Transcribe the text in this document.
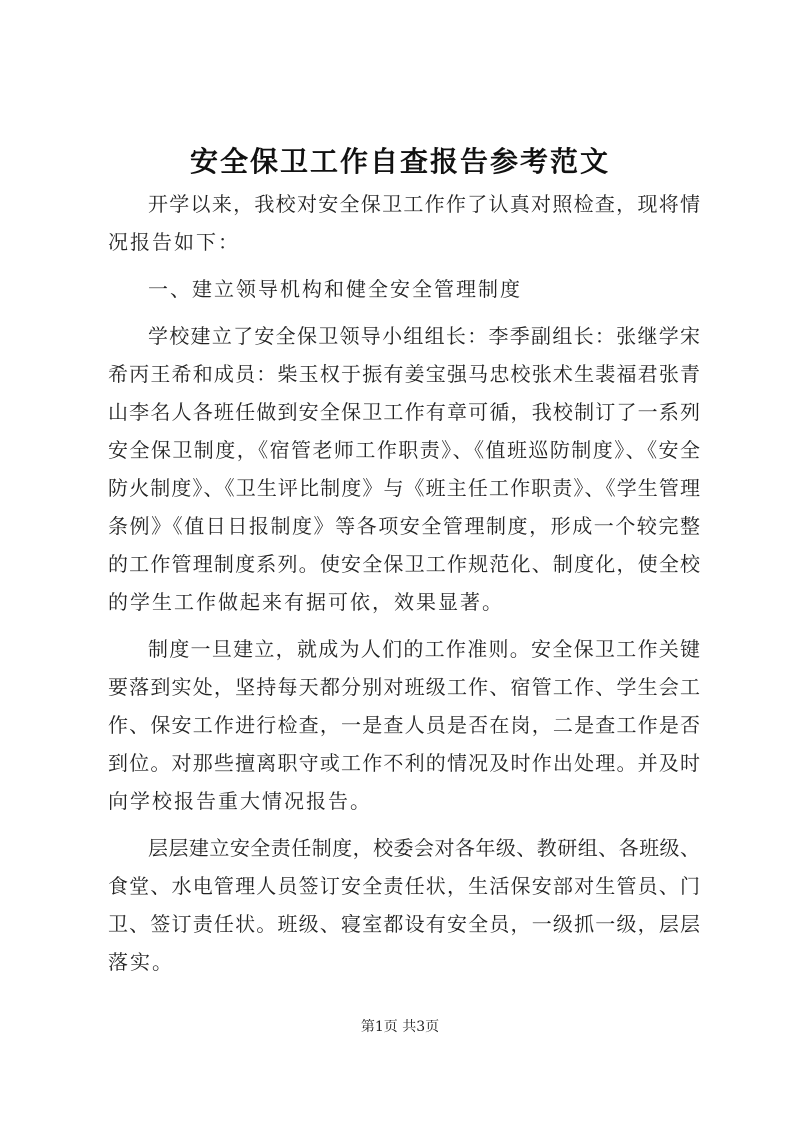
安全保卫工作自查报告参考范文
开学以来，我校对安全保卫工作作了认真对照检查，现将情
况报告如下：
一、建立领导机构和健全安全管理制度
学校建立了安全保卫领导小组组长：李季副组长：张继学宋
希丙王希和成员：柴玉权于振有姜宝强马忠校张术生裴福君张青
山李名人各班任做到安全保卫工作有章可循，我校制订了一系列
安全保卫制度，《宿管老师工作职责》、《值班巡防制度》、《安全
防火制度》、《卫生评比制度》与《班主任工作职责》、《学生管理
条例》《值日日报制度》等各项安全管理制度，形成一个较完整
的工作管理制度系列。使安全保卫工作规范化、制度化，使全校
的学生工作做起来有据可依，效果显著。
制度一旦建立，就成为人们的工作准则。安全保卫工作关键
要落到实处，坚持每天都分别对班级工作、宿管工作、学生会工
作、保安工作进行检查，一是查人员是否在岗，二是查工作是否
到位。对那些擅离职守或工作不利的情况及时作出处理。并及时
向学校报告重大情况报告。
层层建立安全责任制度，校委会对各年级、教研组、各班级、
食堂、水电管理人员签订安全责任状，生活保安部对生管员、门
卫、签订责任状。班级、寝室都设有安全员，一级抓一级，层层
落实。
第1页 共3页
